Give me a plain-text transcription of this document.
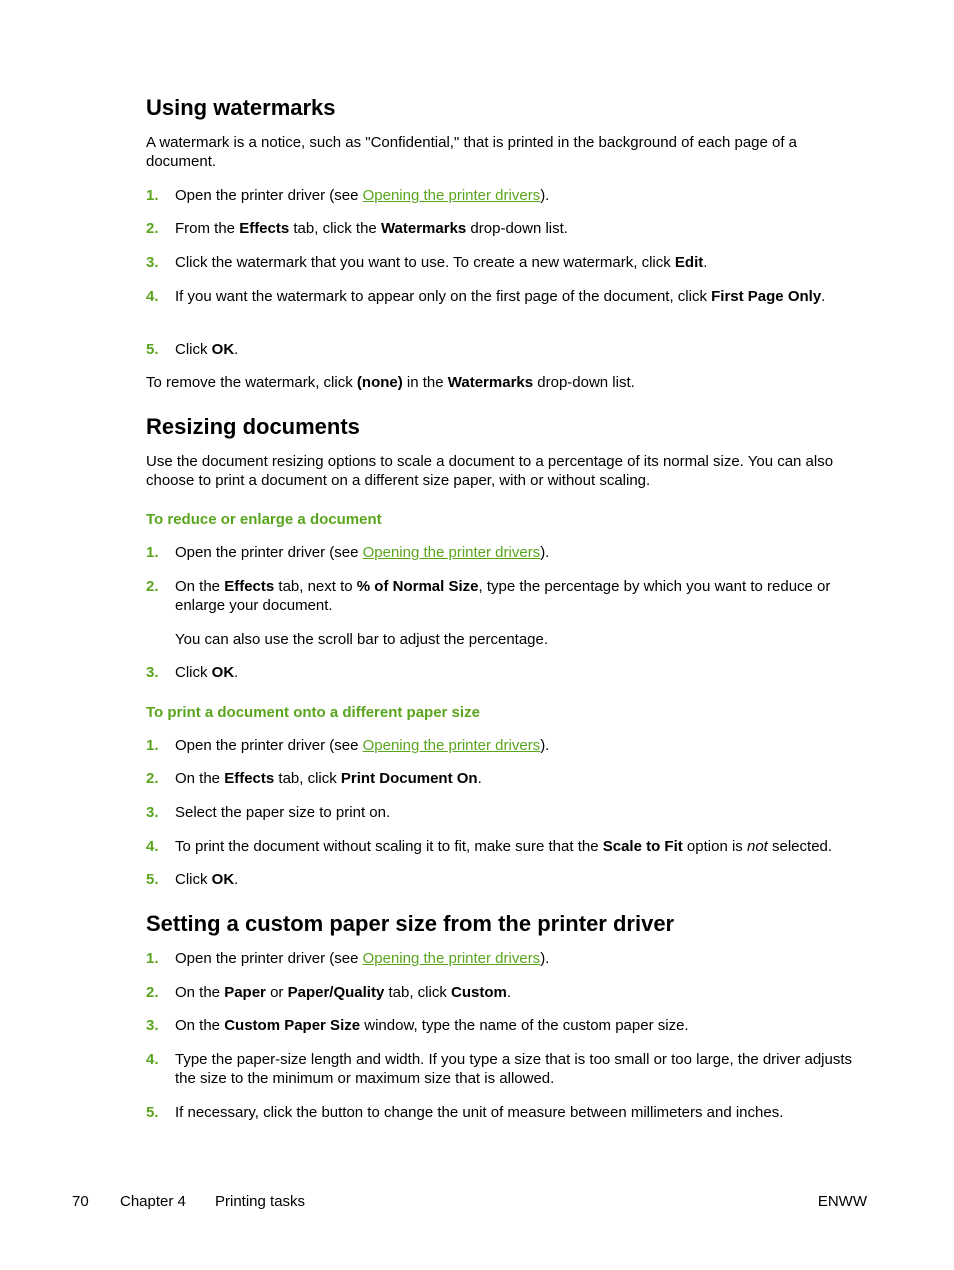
Using watermarks
A watermark is a notice, such as "Confidential," that is printed in the background of each page of a document.
1. Open the printer driver (see Opening the printer drivers).
2. From the Effects tab, click the Watermarks drop-down list.
3. Click the watermark that you want to use. To create a new watermark, click Edit.
4. If you want the watermark to appear only on the first page of the document, click First Page Only.
5. Click OK.
To remove the watermark, click (none) in the Watermarks drop-down list.
Resizing documents
Use the document resizing options to scale a document to a percentage of its normal size. You can also choose to print a document on a different size paper, with or without scaling.
To reduce or enlarge a document
1. Open the printer driver (see Opening the printer drivers).
2. On the Effects tab, next to % of Normal Size, type the percentage by which you want to reduce or enlarge your document.
You can also use the scroll bar to adjust the percentage.
3. Click OK.
To print a document onto a different paper size
1. Open the printer driver (see Opening the printer drivers).
2. On the Effects tab, click Print Document On.
3. Select the paper size to print on.
4. To print the document without scaling it to fit, make sure that the Scale to Fit option is not selected.
5. Click OK.
Setting a custom paper size from the printer driver
1. Open the printer driver (see Opening the printer drivers).
2. On the Paper or Paper/Quality tab, click Custom.
3. On the Custom Paper Size window, type the name of the custom paper size.
4. Type the paper-size length and width. If you type a size that is too small or too large, the driver adjusts the size to the minimum or maximum size that is allowed.
5. If necessary, click the button to change the unit of measure between millimeters and inches.
70 Chapter 4 Printing tasks	ENWW
